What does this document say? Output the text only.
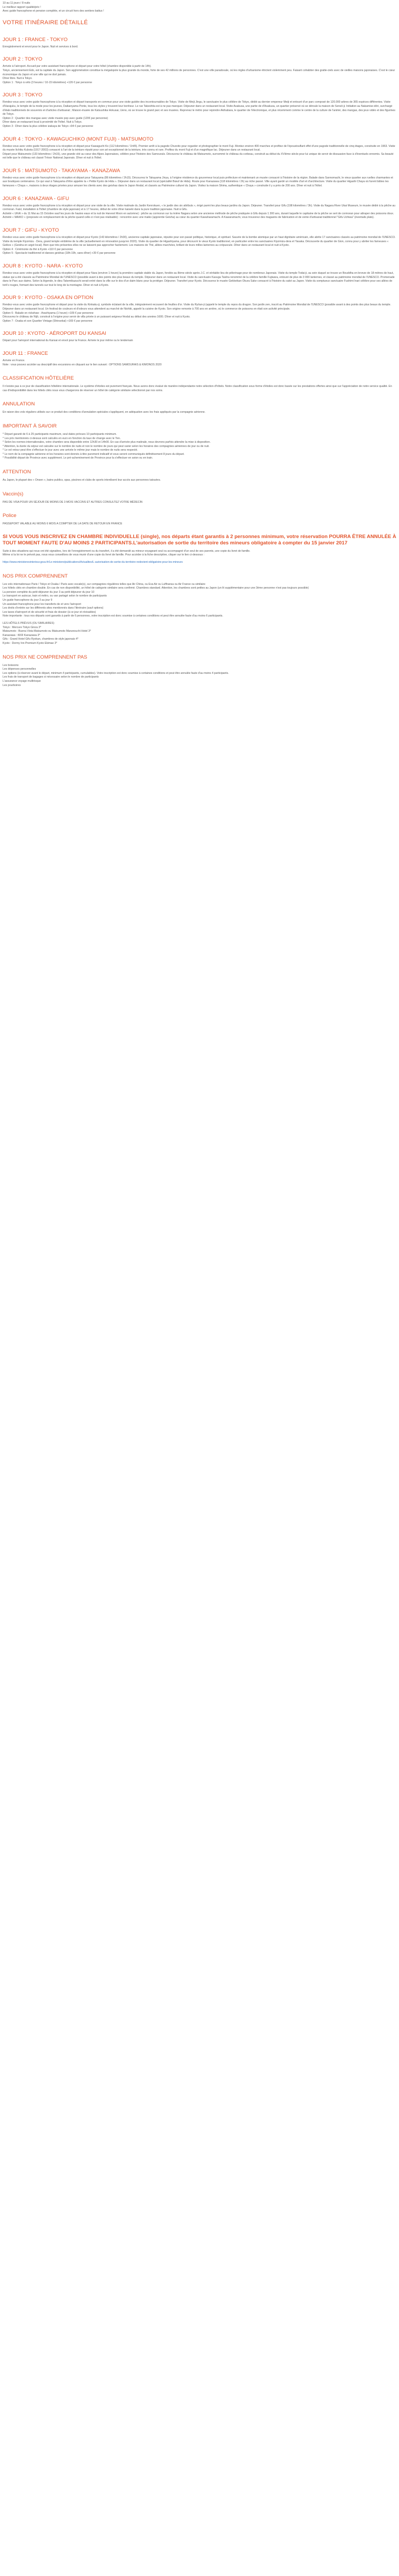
10 au 11 jours / 8 nuits

Le meilleur rapport qualité/prix !

Avec guide francophone et pension complète, et un circuit hors des sentiers battus !

VOTRE ITINÉRAIRE DÉTAILLÉ
JOUR 1 : FRANCE - TOKYO

Enregistrement et envol pour le Japon. Nuit et services à bord.

JOUR 2 : TOKYO

Arrivée à l'aéroport. Accueil par votre assistant francophone et départ pour votre hôtel (chambre disponible à partir de 14h).
Tokyo, anciennement Edo, est la capitale du Japon. Son agglomération constitue la mégalopole la plus grande du monde, forte de ses 42 millions de personnes. C'est une ville paradoxale, où les règles d'urbanisme étrictent violemment peu. Faisant cohabiter des gratte-ciels avec de vieilles maisons japonaises. C'est le cœur économique du Japon et une ville qui ne dort jamais.
Dîner libre. Nuit à Tokyo.
Option 1 : Tokyo à vélo (3 heures / 10-15 kilomètres) +126 € par personne

JOUR 3 : TOKYO

Rendez-vous avec votre guide francophone à la réception et départ transports en commun pour une visite guidée des incontournables de Tokyo. Visite de Meiji Jingu, le sanctuaire le plus célèbre de Tokyo, dédié au dernier empereur Meiji et entouré d'un parc composé de 120.000 arbres de 365 espèces différentes. Visite d'Harajuku, le temple de la mode pour les jeunes, Daikanyama Ponte, tous les styles y trouvent leur bonheur. Le rue Takeshita est à ne pas manquer. Déjeuner dans un restaurant local. Visite Asakusa, une partie de d'Asakusa, un quartier préservé où se déroule la maison de Sensō-ji. Initiation au Nakamise-dōri, surchargé d'étals traditionnels de souvenirs et d'articles d'artisanat ; Maison-musée de Katsushika Hokusai, Ueno, où se trouve le grand parc et ses musées. Reprenez le métro pour rejoindre Akihabara, le quartier de l'électronique, et plus récemment comme le centre de la culture de l'animé, des mangas, des jeux vidéo et des figurines de Tokyo.
Option 2 : Quartier des mangas avec visite musée pop avec guide (120€ par personne)
Dîner dans un restaurant local à proximité de l'hôtel. Nuit à Tokyo.
Option 3 : Dîner dans la plus célèbre izakaya de Tokyo +94 € par personne

JOUR 4 : TOKYO - KAWAGUCHIKO (MONT FUJI) - MATSUMOTO

Rendez-vous avec votre guide francophone à la réception et départ pour Kawaguchi Ko (112 kilomètres / 1h45). Premier arrêt à la pagode Chureito pour regarder et photographier le mont Fuji. Montez environ 400 marches et profitez de l'époustouflant effet d'une pagode traditionnelle de cinq étages, construite en 1963. Visite du musée Itchiku Kubota (1917-2003) consacré à l'art de la teinture réputé pour son art exceptionnel de la teinture, très connu et rare. Profitez du mont Fuji et d'un magnifique lac. Déjeuner dans un restaurant local.
Départ pour Matsumoto (133 kilomètres / 2h15), une grande cité au cœur des Alpes Japonaises, célèbre pour l'histoire des Samouraïs. Découvrez le château de Matsumoto, surnommé le château du corbeau, construit au début du XVIème siècle pour lui unique de servir de dissuasion face à d'éventuels ennemis. Sa beauté est telle que le château est classé Trésor National Japonais. Dîner et nuit à l'hôtel.

JOUR 5 : MATSUMOTO - TAKAYAMA - KANAZAWA

Rendez-vous avec votre guide francophone à la réception et départ pour Takayama (86 kilomètres / 2h15). Découvrez le Takayama Jinya, à l'origine résidence du gouverneur local puis préfecture et maintenant un musée consacré à l'histoire de la région. Balade dans Sannomachi, le vieux quartier aux ruelles charmantes et aux boutiques centenaires. Ce qui vaut à Takayama d'être appelée la « Petite Kyoto de Hida ». Déjeuner dans un restaurant local (spécialité Bœuf de Hida). Route pour Kanazawa (118 kilomètres / 2h) au riche passé. Ville ayant gardé un modèle d'art et d'architecture. Visite du quartier Higashi Chaya où furent bâties les fameuses « Chaya », maisons à deux étages privées pour amuser les clients avec des geishas dans le Japon féodal, et classés au Patrimoine culturel du Japon. Visitez la maison Shima, authentique « Chaya » construite il y a près de 200 ans. Dîner et nuit à l'hôtel.

JOUR 6 : KANAZAWA - GIFU

Rendez-vous avec votre guide francophone à la réception et départ pour une visite de la ville. Visite matinale du Jardin Kenrokuen, « le jardin des six attributs », érigé parmi les plus beaux jardins du Japon. Déjeuner. Transfert pour Gifu (198 kilomètres / 3h). Visite du Nagara River Ukai Museum, le musée dédié à la pêche au cormoran. Faisl, installation à l'hôtel (chambre de style japonais) et à 17 heures, début de votre dîner kaiseki dans la pure tradition japonaise. Nuit à Gifu.
Activité « UKAI » du 11 Mai au 15 Octobre sauf les jours de hautes eaux et la nuit de Harvest Moon en automne) : pêche au cormoran sur la rivière Nagara selon une ancienne méthode de pêche pratiquée à Gifu depuis 1 300 ans, durant laquelle le capitaine de la pêche se sert de cormoran pour attraper des poissons doux.
Activité « MAIKO » (proposée en remplacement de la pêche quand celle-ci n'est pas réalisable) : rencontre avec une maiko (apprentie Geisha) au cœur du quartier Kawaharamachi. A Kawaramachi, vous trouverez des magasins de fabrication et de vente d'artisanat traditionnel "Gifu Uchiwa" (éventails plats).

JOUR 7 : GIFU - KYOTO

Rendez-vous avec votre guide francophone à la réception et départ pour Kyoto (143 kilomètres / 2h30), ancienne capitale japonaise, réputée pour son passé politique, historique, et spirituel. Sauvée de la bombe atomique par un haut dignitaire américain, elle abrite 17 sanctuaires classés au patrimoine mondial de l'UNESCO. Visite du temple Kiyomizu - Dera, grand temple emblème de la ville (actuellement en rénovation jusqu'en 2020). Visite du quartier de Higashiyama, pour découvrir le vieux Kyoto traditionnel, en particulier entre les sanctuaires Kiyomizu-dera et Yasaka. Découverte du quartier de Gion, connu pour y abriter les fameuses « Geikos » (Geisha en argot local). Bien que très présentes elles ne se laissent pas approcher facilement. Les maisons de Thé, allées marchées, brillant de leurs milles lanternes au crépuscule. Dîner dans un restaurant local et nuit à Kyoto.
Option 4 : Cérémonie du thé à Kyoto +110 € par personne
Option 5 : Spectacle traditionnel et danses geishas (18h-19h, sans dîner) +39 € par personne

JOUR 8 : KYOTO - NARA - KYOTO

Rendez-vous avec votre guide francophone à la réception et départ pour Nara (environ 1 heure) la première capitale stable du Japon, fondée au 8ème siècle après J.C. et véritable lieu de pèlerinage pour de nombreux Japonais. Visite du temple Todai-ji, au sein duquel se trouve un Bouddha en bronze de 18 mètres de haut, statue qui a été classée au Patrimoine Mondial de l'UNESCO (possible avant à des points des plus beaux du temple. Déjeuner dans un restaurant local. Visite du sanctuaire Kasuga Taisha renommé de la célèbre famille Fujiwara, entouré de plus de 3 000 lanternes, et classé au patrimoine mondial de l'UNESCO. Promenade dans le Parc aux daims. Selon la légende, le dieu Takemikazuchi serait entré dans la ville sur le dos d'un daim blanc pour la protéger. Déjeuner. Transfert pour Kyoto. Découvrez le musée Gekkeikan Okura Sake consacré à l'histoire du saké au Japon. Visite du somptueux sanctuaire Fushimi Inari célèbre pour ses allées de torii's rouges, formant des tunnels sur tout le long de la montagne. Dîner et nuit à Kyoto.

JOUR 9 : KYOTO - OSAKA EN OPTION

Rendez-vous avec votre guide francophone et départ pour la visite du Kinkaku-ji, symbole éclatant de la ville, intégralement recouvert de feuilles d'or. Visite du Ryōan-ji (appelé le temple du repos du dragon. Son jardin zen, inscrit au Patrimoine Mondial de l'UNESCO (possible avant à des points des plus beaux du temple. Déjeuner dans un restaurant local. Un festival de couleurs et d'odeurs vous attendent au marché de Nishiki, appelé la cuisine de Kyoto. Son origine remonte à 700 ans en arrière, où le commerce de poissons en était son activité principale.
Option 6 : Balade en rickshaw - Arashiyama (1 heure) +109 € par personne
Découvrez le château de Nijō, construit à l'origine pour servir de villa privée à un puissant seigneur féodal au début des années 1600. Dîner et nuit à Kyoto.
Option 7 : Osaka et son Quartier Vintage (Shinsekai) +169 € par personne

JOUR 10 : KYOTO - AÉROPORT DU KANSAI

Départ pour l'aéroport international du Kansai et envol pour la France. Arrivée le jour même ou le lendemain

JOUR 11 : FRANCE

Arrivée en France.
Note : vous pouvez accéder au descriptif des excursions en cliquant sur le lien suivant : OPTIONS SAMOURAIS & KIMONOS 2020

CLASSIFICATION HÔTELIÈRE

Il n'existe pas à ce jour de classification hôtelière internationale. Le système d'étoiles est purement français. Nous avons donc évalué de manière indépendante notre sélection d'hôtels. Notre classification sous forme d'étoiles est donc basée sur les prestations offertes ainsi que sur l'appréciation de notre service qualité. En cas d'indisponibilité dans les hôtels cités nous vous chargerons de réserver un hôtel de catégorie similaire sélectionné par nos soins.

ANNULATION

En raison des vols réguliers utilisés sur ce produit des conditions d'annulation spéciales s'appliquent, en adéquation avec les frais appliqués par la compagnie aérienne.

IMPORTANT À SAVOIR
* Départ garanti de 6 à 25 participants maximum, seul dates prévues 10 participants minimum.
* Les prix mentionnés ci-dessus sont calculés en euro en fonction du taux de change avec le Yen.
* Selon les normes internationales, votre chambre sera disponible entre 12h30 et 14h00. En cas d'arrivée plus matinale, nous devrons parfois attendre la mise à disposition.
* Attention, la durée du séjour est calculée sur le nombre de nuits et non le nombre de jours qui peut varier selon les horaires des compagnies aériennes de jour ou de nuit.
* Le vol retour peut être s'effectuer le jour avec une arrivée le même jour mais le nombre de nuits sera respecté.
* Le nom de la compagnie aérienne et les horaires sont donnés à titre purement indicatif et vous seront communiqués définitivement 8 jours du départ.
* Possibilité départ de Province avec supplément. Le pré-acheminement de Province pour la s'effectuer en avion ou en train.
ATTENTION

Au Japon, le plupart des « Onsen », bains publics, spas, piscines et clubs de sports interdisent leur accès aux personnes tatouées.

Vaccin(s)

PAS DE VISA POUR UN SÉJOUR DE MOINS DE 3 MOIS VACCINS ET AUTRES CONSULTEZ VOTRE MÉDECIN

Police

PASSEPORT VALABLE AU MOINS 6 MOIS A COMPTER DE LA DATE DE RETOUR EN FRANCE

SI VOUS VOUS INSCRIVEZ EN CHAMBRE INDIVIDUELLE (single), nos départs étant garantis à 2 personnes minimum, votre réservation POURRA ÊTRE ANNULÉE À TOUT MOMENT FAUTE D'AU MOINS 2 PARTICIPANTS.L'autorisation de sortie du territoire des mineurs obligatoire à compter du 15 janvier 2017

Suite à des situations qui nous ont été signalées, lors de l'enregistrement ou du transfert, il a été demandé au mineur voyageant seul ou accompagné d'un seul de ses parents, une copie du livret de famille.
Même si la loi ne le prévoit pas, nous vous conseillons de vous munir d'une copie du livret de famille. Pour accéder à la fiche descriptive, cliquer sur le lien ci-dessous :

https://www.ministeresinterieur.gouv.fr/Le-ministere/publications/Actualites/L-autorisation-de-sortie-du-territoire-redevient-obligatoire-pour-les-mineurs

NOS PRIX COMPRENNENT
Les vols internationaux Paris / Tokyo et Osaka / Paris avec escale(s), sur compagnies régulières telles que Air China, ou Eva Air ou Lufthansa ou Air France ou similaire
Les hôtels cités en chambre double. En cas de non disponibilité, un hôtel de catégorie similaire sera confirmé. Chambres standard. Attention, les chambres sont petites au Japon (un lit supplémentaire pour une 3ème personne n'est pas toujours possible)
La pension complète du petit déjeuner du jour 3 au petit déjeuner du jour 10
Le transport en autocar, train et métro, ou van partagé selon le nombre de participants
Un guide francophone du jour 3 au jour 9
Un assistant francophone pour les transferts de et vers l'aéroport
Les droits d'entrée sur les différents sites mentionnés dans l'itinéraire (sauf options)
Les taxes d'aéroport et de sécurité et frais de dossier (à ce jour et révisables)
Note importante : tous nos départs sont garantis à partir de 6 personnes, votre inscription est donc soumise à certaines conditions et peut être annulée faute d'au moins 6 participants.

LES HÔTELS PRÉVUS (OU SIMILAIRES)

Tokyo : Mercure Tokyo Ginza 3*
Matsumoto : Buena Vista Matsumoto ou Matsumoto Marunouchi Hotel 3*
Kanazawa : KKR Kanazawa 3*
Gifu : Grand Hotel Gifu Ryokan, chambres de style japonais 4*
Kyoto : Dormy Inn Premium Kyoto Ekimae 3*
NOS PRIX NE COMPRENNENT PAS
Les boissons
Les dépenses personnelles
Les options (à réserver avant le départ, minimum 4 participants, cumulables). Votre inscription est donc soumise à certaines conditions et peut être annulée faute d'au moins 4 participants.
Les frais de transport de bagages si nécessaire selon le nombre de participants
L'assurance voyage multirisque
Les pourboires
